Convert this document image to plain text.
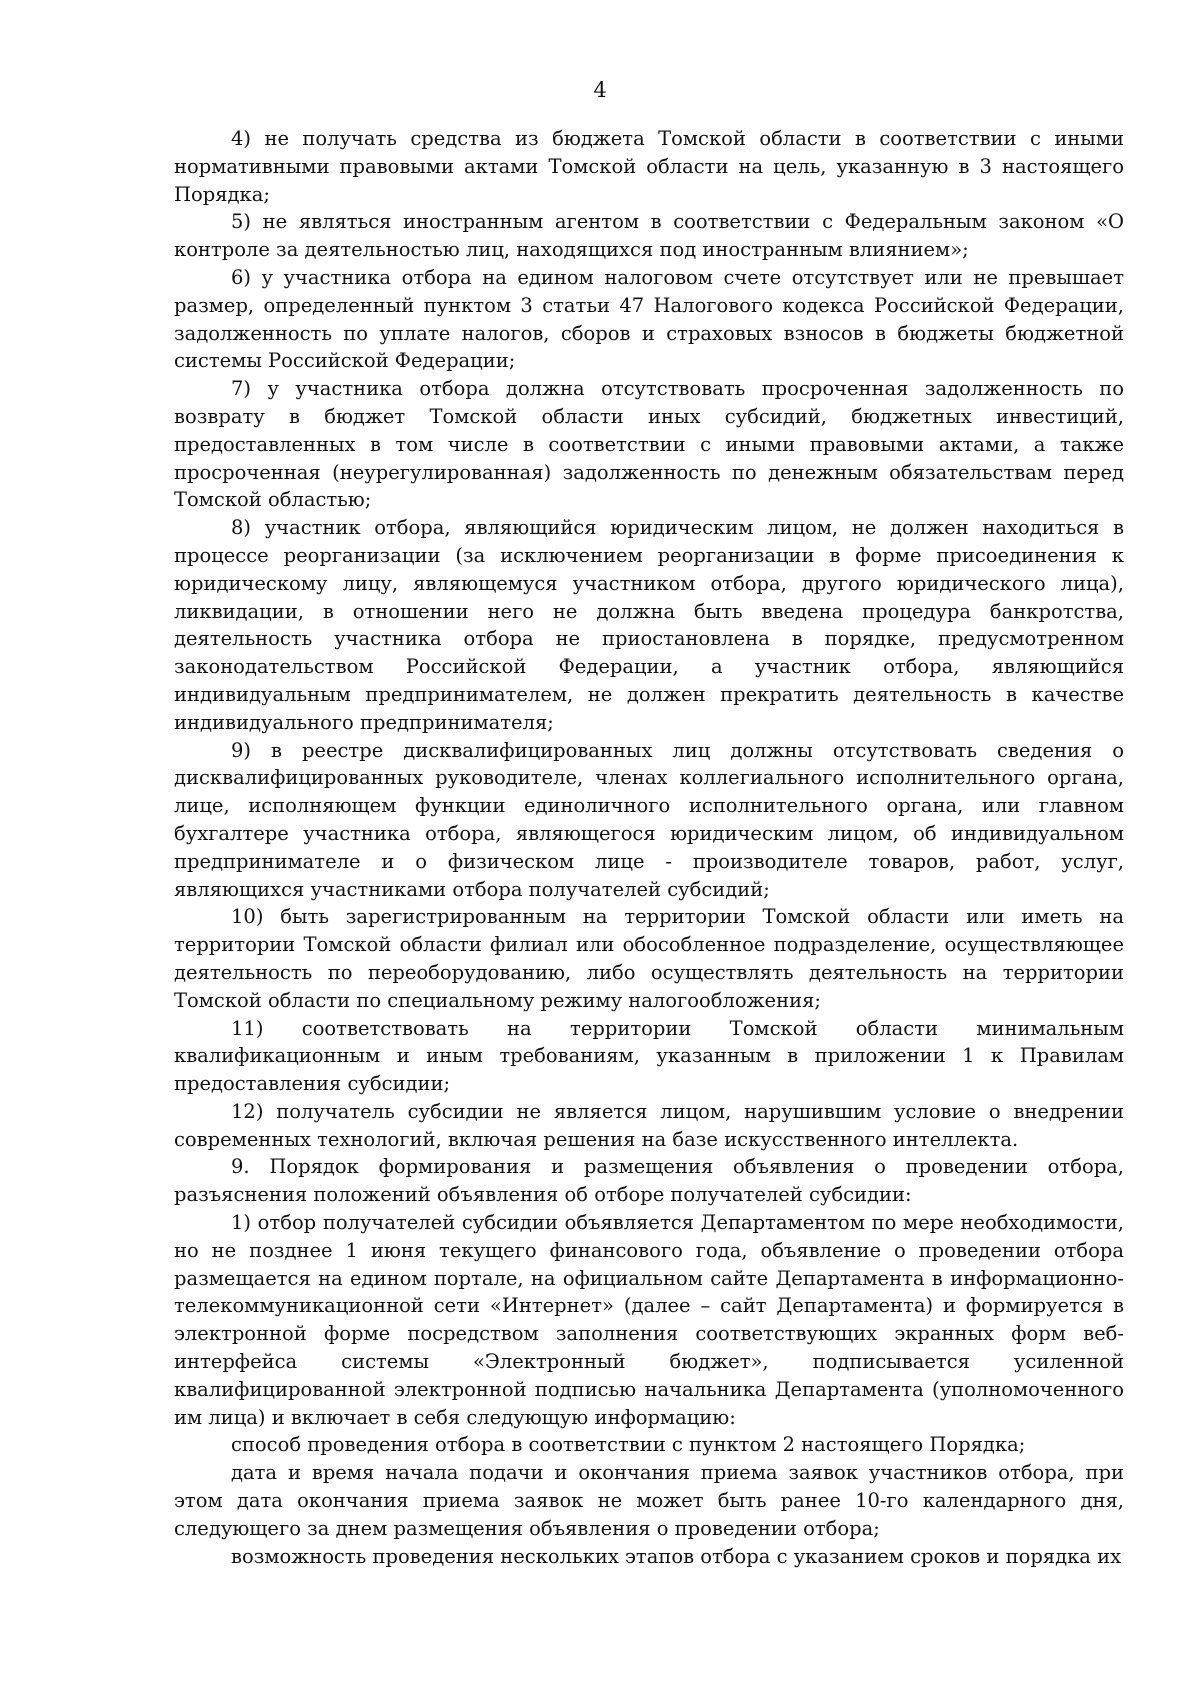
4

4) не получать средства из бюджета Томской области в соответствии с иными нормативными правовыми актами Томской области на цель, указанную в 3 настоящего Порядка;

5) не являться иностранным агентом в соответствии с Федеральным законом «О контроле за деятельностью лиц, находящихся под иностранным влиянием»;

6) у участника отбора на едином налоговом счете отсутствует или не превышает размер, определенный пунктом 3 статьи 47 Налогового кодекса Российской Федерации, задолженность по уплате налогов, сборов и страховых взносов в бюджеты бюджетной системы Российской Федерации;

7) у участника отбора должна отсутствовать просроченная задолженность по возврату в бюджет Томской области иных субсидий, бюджетных инвестиций, предоставленных в том числе в соответствии с иными правовыми актами, а также просроченная (неурегулированная) задолженность по денежным обязательствам перед Томской областью;

8) участник отбора, являющийся юридическим лицом, не должен находиться в процессе реорганизации (за исключением реорганизации в форме присоединения к юридическому лицу, являющемуся участником отбора, другого юридического лица), ликвидации, в отношении него не должна быть введена процедура банкротства, деятельность участника отбора не приостановлена в порядке, предусмотренном законодательством Российской Федерации, а участник отбора, являющийся индивидуальным предпринимателем, не должен прекратить деятельность в качестве индивидуального предпринимателя;

9) в реестре дисквалифицированных лиц должны отсутствовать сведения о дисквалифицированных руководителе, членах коллегиального исполнительного органа, лице, исполняющем функции единоличного исполнительного органа, или главном бухгалтере участника отбора, являющегося юридическим лицом, об индивидуальном предпринимателе и о физическом лице - производителе товаров, работ, услуг, являющихся участниками отбора получателей субсидий;

10) быть зарегистрированным на территории Томской области или иметь на территории Томской области филиал или обособленное подразделение, осуществляющее деятельность по переоборудованию, либо осуществлять деятельность на территории Томской области по специальному режиму налогообложения;

11) соответствовать на территории Томской области минимальным квалификационным и иным требованиям, указанным в приложении 1 к Правилам предоставления субсидии;

12) получатель субсидии не является лицом, нарушившим условие о внедрении современных технологий, включая решения на базе искусственного интеллекта.

9. Порядок формирования и размещения объявления о проведении отбора, разъяснения положений объявления об отборе получателей субсидии:

1) отбор получателей субсидии объявляется Департаментом по мере необходимости, но не позднее 1 июня текущего финансового года, объявление о проведении отбора размещается на едином портале, на официальном сайте Департамента в информационно-телекоммуникационной сети «Интернет» (далее – сайт Департамента) и формируется в электронной форме посредством заполнения соответствующих экранных форм веб-интерфейса системы «Электронный бюджет», подписывается усиленной квалифицированной электронной подписью начальника Департамента (уполномоченного им лица) и включает в себя следующую информацию:

способ проведения отбора в соответствии с пунктом 2 настоящего Порядка;

дата и время начала подачи и окончания приема заявок участников отбора, при этом дата окончания приема заявок не может быть ранее 10-го календарного дня, следующего за днем размещения объявления о проведении отбора;

возможность проведения нескольких этапов отбора с указанием сроков и порядка их
